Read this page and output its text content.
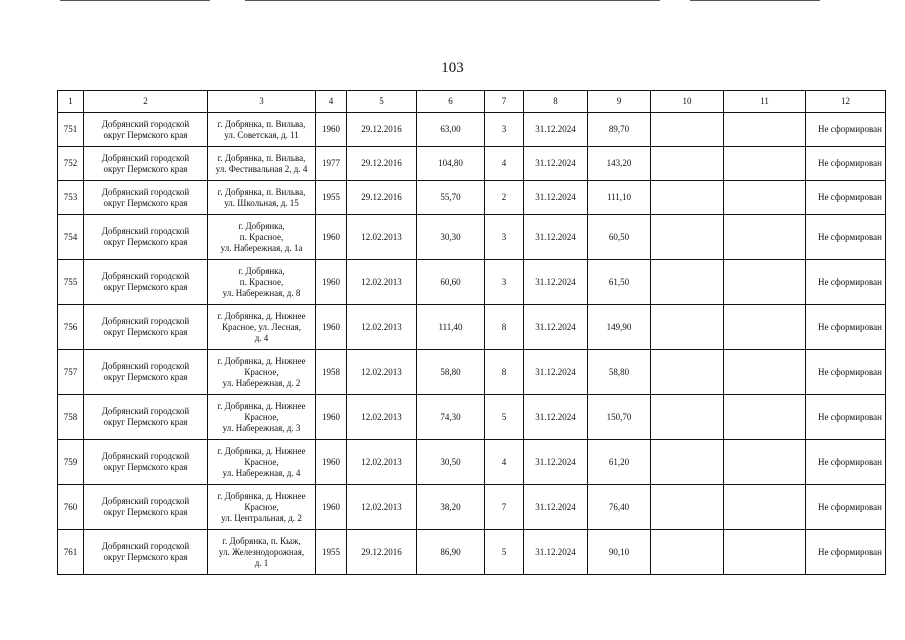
103
1	2	3	4	5	6	7	8	9	10	11	12
751	Добрянский городской
округ Пермского края	г. Добрянка, п. Вильва,
ул. Советская, д. 11	1960	29.12.2016	63,00	3	31.12.2024	89,70			Не сформирован
752	Добрянский городской
округ Пермского края	г. Добрянка, п. Вильва,
ул. Фестивальная 2, д. 4	1977	29.12.2016	104,80	4	31.12.2024	143,20			Не сформирован
753	Добрянский городской
округ Пермского края	г. Добрянка, п. Вильва,
ул. Школьная, д. 15	1955	29.12.2016	55,70	2	31.12.2024	111,10			Не сформирован
754	Добрянский городской
округ Пермского края	г. Добрянка,
п. Красное,
ул. Набережная, д. 1а	1960	12.02.2013	30,30	3	31.12.2024	60,50			Не сформирован
755	Добрянский городской
округ Пермского края	г. Добрянка,
п. Красное,
ул. Набережная, д. 8	1960	12.02.2013	60,60	3	31.12.2024	61,50			Не сформирован
756	Добрянский городской
округ Пермского края	г. Добрянка, д. Нижнее
Красное, ул. Лесная,
д. 4	1960	12.02.2013	111,40	8	31.12.2024	149,90			Не сформирован
757	Добрянский городской
округ Пермского края	г. Добрянка, д. Нижнее
Красное,
ул. Набережная, д. 2	1958	12.02.2013	58,80	8	31.12.2024	58,80			Не сформирован
758	Добрянский городской
округ Пермского края	г. Добрянка, д. Нижнее
Красное,
ул. Набережная, д. 3	1960	12.02.2013	74,30	5	31.12.2024	150,70			Не сформирован
759	Добрянский городской
округ Пермского края	г. Добрянка, д. Нижнее
Красное,
ул. Набережная, д. 4	1960	12.02.2013	30,50	4	31.12.2024	61,20			Не сформирован
760	Добрянский городской
округ Пермского края	г. Добрянка, д. Нижнее
Красное,
ул. Центральная, д. 2	1960	12.02.2013	38,20	7	31.12.2024	76,40			Не сформирован
761	Добрянский городской
округ Пермского края	г. Добрянка, п. Кыж,
ул. Железнодорожная,
д. 1	1955	29.12.2016	86,90	5	31.12.2024	90,10			Не сформирован
